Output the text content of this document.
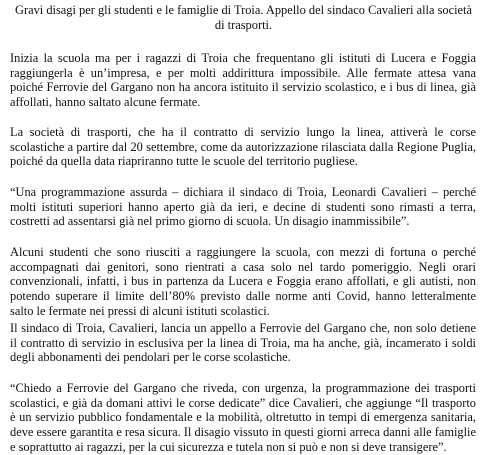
Gravi disagi per gli studenti e le famiglie di Troia. Appello del sindaco Cavalieri alla società di trasporti.

Inizia la scuola ma per i ragazzi di Troia che frequentano gli istituti di Lucera e Foggia raggiungerla è un’impresa, e per molti addirittura impossibile. Alle fermate attesa vana poiché Ferrovie del Gargano non ha ancora istituito il servizio scolastico, e i bus di linea, già affollati, hanno saltato alcune fermate.

La società di trasporti, che ha il contratto di servizio lungo la linea, attiverà le corse scolastiche a partire dal 20 settembre, come da autorizzazione rilasciata dalla Regione Puglia, poiché da quella data riapriranno tutte le scuole del territorio pugliese.

“Una programmazione assurda – dichiara il sindaco di Troia, Leonardi Cavalieri – perché molti istituti superiori hanno aperto già da ieri, e decine di studenti sono rimasti a terra, costretti ad assentarsi già nel primo giorno di scuola. Un disagio inammissibile”.

Alcuni studenti che sono riusciti a raggiungere la scuola, con mezzi di fortuna o perché accompagnati dai genitori, sono rientrati a casa solo nel tardo pomeriggio. Negli orari convenzionali, infatti, i bus in partenza da Lucera e Foggia erano affollati, e gli autisti, non potendo superare il limite dell’80% previsto dalle norme anti Covid, hanno letteralmente salto le fermate nei pressi di alcuni istituti scolastici.

Il sindaco di Troia, Cavalieri, lancia un appello a Ferrovie del Gargano che, non solo detiene il contratto di servizio in esclusiva per la linea di Troia, ma ha anche, già, incamerato i soldi degli abbonamenti dei pendolari per le corse scolastiche.

“Chiedo a Ferrovie del Gargano che riveda, con urgenza, la programmazione dei trasporti scolastici, e già da domani attivi le corse dedicate” dice Cavalieri, che aggiunge “Il trasporto è un servizio pubblico fondamentale e la mobilità, oltretutto in tempi di emergenza sanitaria, deve essere garantita e resa sicura. Il disagio vissuto in questi giorni arreca danni alle famiglie e soprattutto ai ragazzi, per la cui sicurezza e tutela non si può e non si deve transigere”.
